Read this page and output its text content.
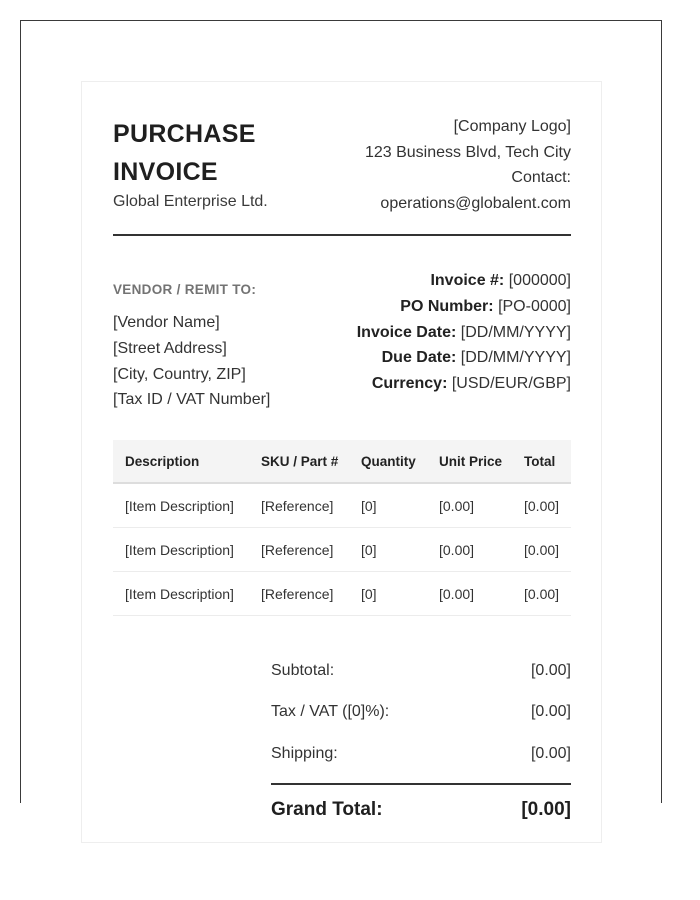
PURCHASE INVOICE
Global Enterprise Ltd.
[Company Logo]
123 Business Blvd, Tech City
Contact:
operations@globalent.com
VENDOR / REMIT TO:
[Vendor Name]
[Street Address]
[City, Country, ZIP]
[Tax ID / VAT Number]
Invoice #: [000000]
PO Number: [PO-0000]
Invoice Date: [DD/MM/YYYY]
Due Date: [DD/MM/YYYY]
Currency: [USD/EUR/GBP]
Description	SKU / Part #	Quantity	Unit Price	Total
[Item Description]	[Reference]	[0]	[0.00]	[0.00]
[Item Description]	[Reference]	[0]	[0.00]	[0.00]
[Item Description]	[Reference]	[0]	[0.00]	[0.00]
Subtotal:	[0.00]
Tax / VAT ([0]%):	[0.00]
Shipping:	[0.00]
Grand Total:	[0.00]
